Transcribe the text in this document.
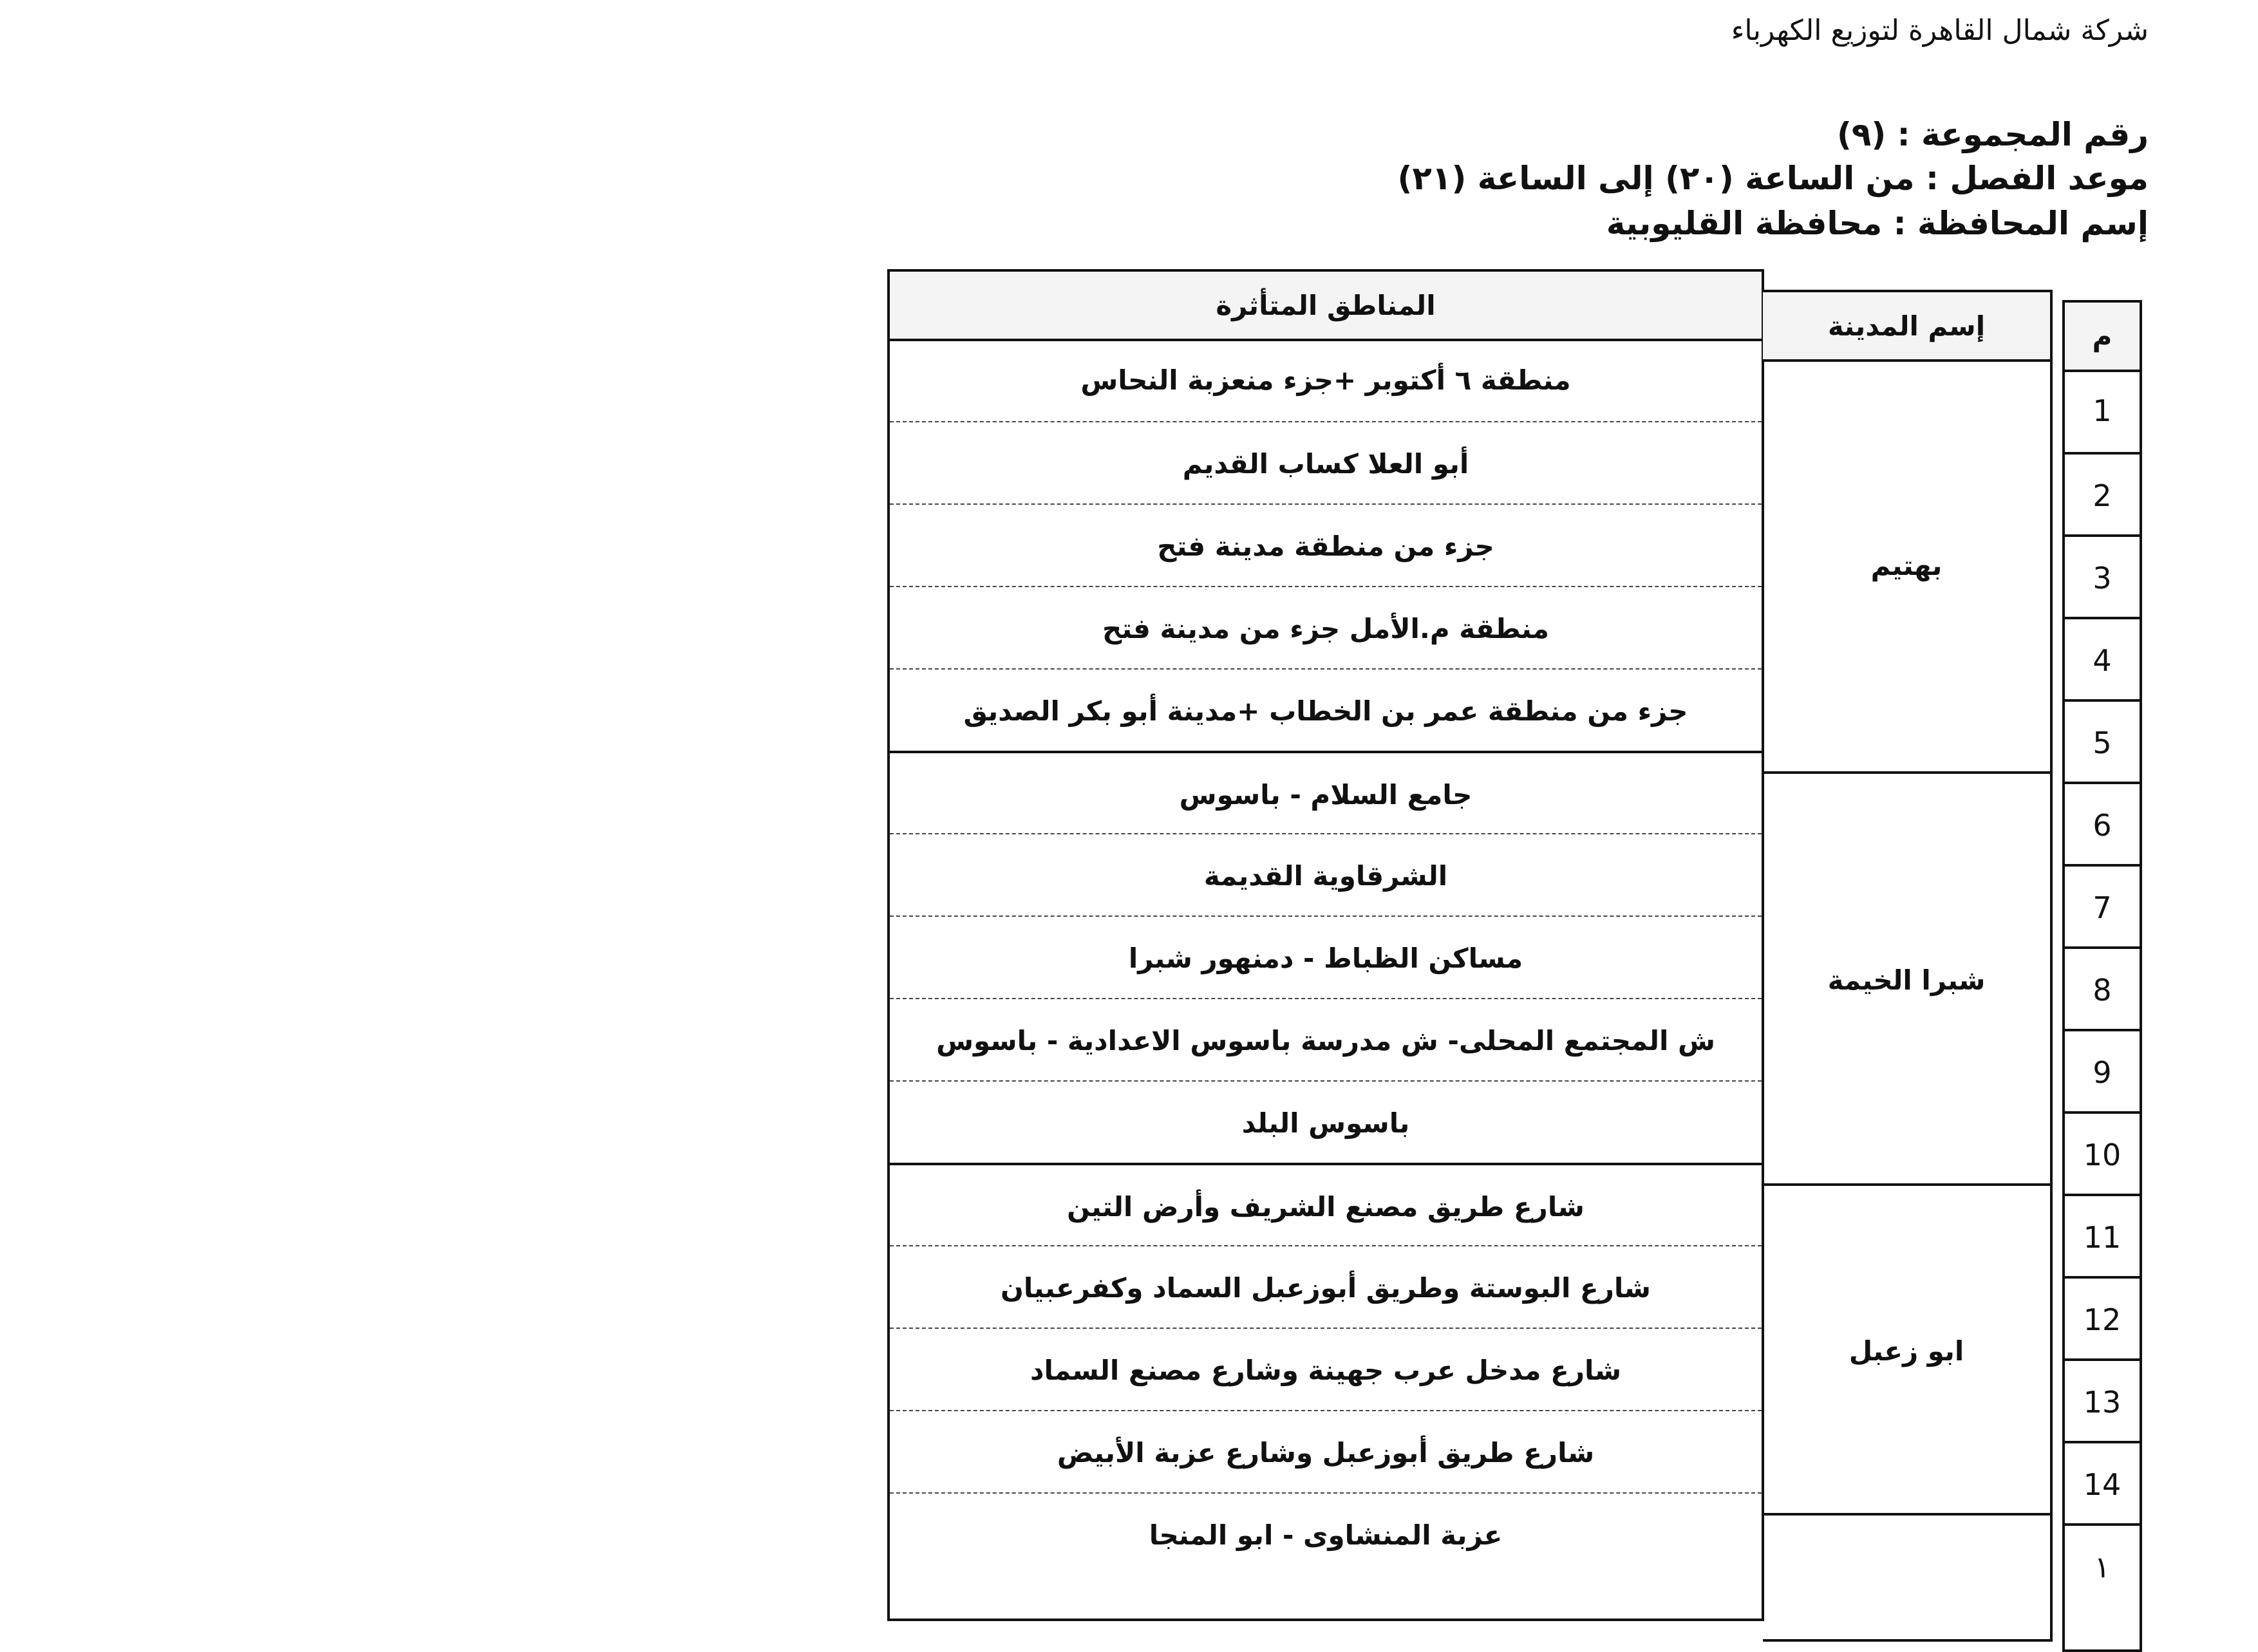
شركة شمال القاهرة لتوزيع الكهرباء
رقم المجموعة : (٩)
موعد الفصل : من الساعة (٢٠) إلى الساعة (٢١)
إسم المحافظة : محافظة القليوبية
المناطق المتأثرة
منطقة ٦ أكتوبر +جزء منعزبة النحاس
أبو العلا كساب القديم
جزء من منطقة مدينة فتح
منطقة م.الأمل جزء من مدينة فتح
جزء من منطقة عمر بن الخطاب +مدينة أبو بكر الصديق
جامع السلام - باسوس
الشرقاوية القديمة
مساكن الظباط - دمنهور شبرا
ش المجتمع المحلى- ش مدرسة باسوس الاعدادية - باسوس
باسوس البلد
شارع طريق مصنع الشريف وأرض التين
شارع البوستة وطريق أبوزعبل السماد وكفرعبيان
شارع مدخل عرب جهينة وشارع مصنع السماد
شارع طريق أبوزعبل وشارع عزبة الأبيض
عزبة المنشاوى - ابو المنجا
إسم المدينة
بهتيم
شبرا الخيمة
ابو زعبل
م
1
2
3
4
5
6
7
8
9
10
11
12
13
14
١
